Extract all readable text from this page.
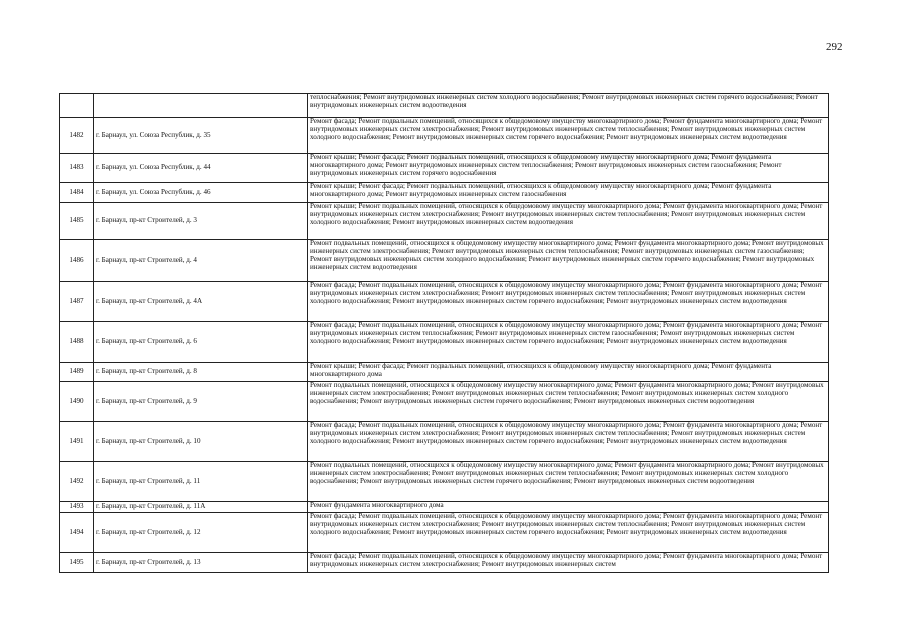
292
		теплоснабжения; Ремонт внутридомовых инженерных систем холодного водоснабжения; Ремонт внутридомовых инженерных систем горячего водоснабжения; Ремонт внутридомовых инженерных систем водоотведения
1482	г. Барнаул, ул. Союза Республик, д. 35	Ремонт фасада; Ремонт подвальных помещений, относящихся к общедомовому имуществу многоквартирного дома; Ремонт фундамента многоквартирного дома; Ремонт внутридомовых инженерных систем электроснабжения; Ремонт внутридомовых инженерных систем теплоснабжения; Ремонт внутридомовых инженерных систем холодного водоснабжения; Ремонт внутридомовых инженерных систем горячего водоснабжения; Ремонт внутридомовых инженерных систем водоотведения
1483	г. Барнаул, ул. Союза Республик, д. 44	Ремонт крыши; Ремонт фасада; Ремонт подвальных помещений, относящихся к общедомовому имуществу многоквартирного дома; Ремонт фундамента многоквартирного дома; Ремонт внутридомовых инженерных систем теплоснабжения; Ремонт внутридомовых инженерных систем газоснабжения; Ремонт внутридомовых инженерных систем горячего водоснабжения
1484	г. Барнаул, ул. Союза Республик, д. 46	Ремонт крыши; Ремонт фасада; Ремонт подвальных помещений, относящихся к общедомовому имуществу многоквартирного дома; Ремонт фундамента многоквартирного дома; Ремонт внутридомовых инженерных систем газоснабжения
1485	г. Барнаул, пр-кт Строителей, д. 3	Ремонт крыши; Ремонт подвальных помещений, относящихся к общедомовому имуществу многоквартирного дома; Ремонт фундамента многоквартирного дома; Ремонт внутридомовых инженерных систем электроснабжения; Ремонт внутридомовых инженерных систем теплоснабжения; Ремонт внутридомовых инженерных систем холодного водоснабжения; Ремонт внутридомовых инженерных систем водоотведения
1486	г. Барнаул, пр-кт Строителей, д. 4	Ремонт подвальных помещений, относящихся к общедомовому имуществу многоквартирного дома; Ремонт фундамента многоквартирного дома; Ремонт внутридомовых инженерных систем электроснабжения; Ремонт внутридомовых инженерных систем теплоснабжения; Ремонт внутридомовых инженерных систем газоснабжения; Ремонт внутридомовых инженерных систем холодного водоснабжения; Ремонт внутридомовых инженерных систем горячего водоснабжения; Ремонт внутридомовых инженерных систем водоотведения
1487	г. Барнаул, пр-кт Строителей, д. 4А	Ремонт фасада; Ремонт подвальных помещений, относящихся к общедомовому имуществу многоквартирного дома; Ремонт фундамента многоквартирного дома; Ремонт внутридомовых инженерных систем электроснабжения; Ремонт внутридомовых инженерных систем теплоснабжения; Ремонт внутридомовых инженерных систем холодного водоснабжения; Ремонт внутридомовых инженерных систем горячего водоснабжения; Ремонт внутридомовых инженерных систем водоотведения
1488	г. Барнаул, пр-кт Строителей, д. 6	Ремонт фасада; Ремонт подвальных помещений, относящихся к общедомовому имуществу многоквартирного дома; Ремонт фундамента многоквартирного дома; Ремонт внутридомовых инженерных систем теплоснабжения; Ремонт внутридомовых инженерных систем газоснабжения; Ремонт внутридомовых инженерных систем холодного водоснабжения; Ремонт внутридомовых инженерных систем горячего водоснабжения; Ремонт внутридомовых инженерных систем водоотведения
1489	г. Барнаул, пр-кт Строителей, д. 8	Ремонт крыши; Ремонт фасада; Ремонт подвальных помещений, относящихся к общедомовому имуществу многоквартирного дома; Ремонт фундамента многоквартирного дома
1490	г. Барнаул, пр-кт Строителей, д. 9	Ремонт подвальных помещений, относящихся к общедомовому имуществу многоквартирного дома; Ремонт фундамента многоквартирного дома; Ремонт внутридомовых инженерных систем электроснабжения; Ремонт внутридомовых инженерных систем теплоснабжения; Ремонт внутридомовых инженерных систем холодного водоснабжения; Ремонт внутридомовых инженерных систем горячего водоснабжения; Ремонт внутридомовых инженерных систем водоотведения
1491	г. Барнаул, пр-кт Строителей, д. 10	Ремонт фасада; Ремонт подвальных помещений, относящихся к общедомовому имуществу многоквартирного дома; Ремонт фундамента многоквартирного дома; Ремонт внутридомовых инженерных систем электроснабжения; Ремонт внутридомовых инженерных систем теплоснабжения; Ремонт внутридомовых инженерных систем холодного водоснабжения; Ремонт внутридомовых инженерных систем горячего водоснабжения; Ремонт внутридомовых инженерных систем водоотведения
1492	г. Барнаул, пр-кт Строителей, д. 11	Ремонт подвальных помещений, относящихся к общедомовому имуществу многоквартирного дома; Ремонт фундамента многоквартирного дома; Ремонт внутридомовых инженерных систем электроснабжения; Ремонт внутридомовых инженерных систем теплоснабжения; Ремонт внутридомовых инженерных систем холодного водоснабжения; Ремонт внутридомовых инженерных систем горячего водоснабжения; Ремонт внутридомовых инженерных систем водоотведения
1493	г. Барнаул, пр-кт Строителей, д. 11А	Ремонт фундамента многоквартирного дома
1494	г. Барнаул, пр-кт Строителей, д. 12	Ремонт фасада; Ремонт подвальных помещений, относящихся к общедомовому имуществу многоквартирного дома; Ремонт фундамента многоквартирного дома; Ремонт внутридомовых инженерных систем электроснабжения; Ремонт внутридомовых инженерных систем теплоснабжения; Ремонт внутридомовых инженерных систем холодного водоснабжения; Ремонт внутридомовых инженерных систем горячего водоснабжения; Ремонт внутридомовых инженерных систем водоотведения
1495	г. Барнаул, пр-кт Строителей, д. 13	Ремонт фасада; Ремонт подвальных помещений, относящихся к общедомовому имуществу многоквартирного дома; Ремонт фундамента многоквартирного дома; Ремонт внутридомовых инженерных систем электроснабжения; Ремонт внутридомовых инженерных систем
